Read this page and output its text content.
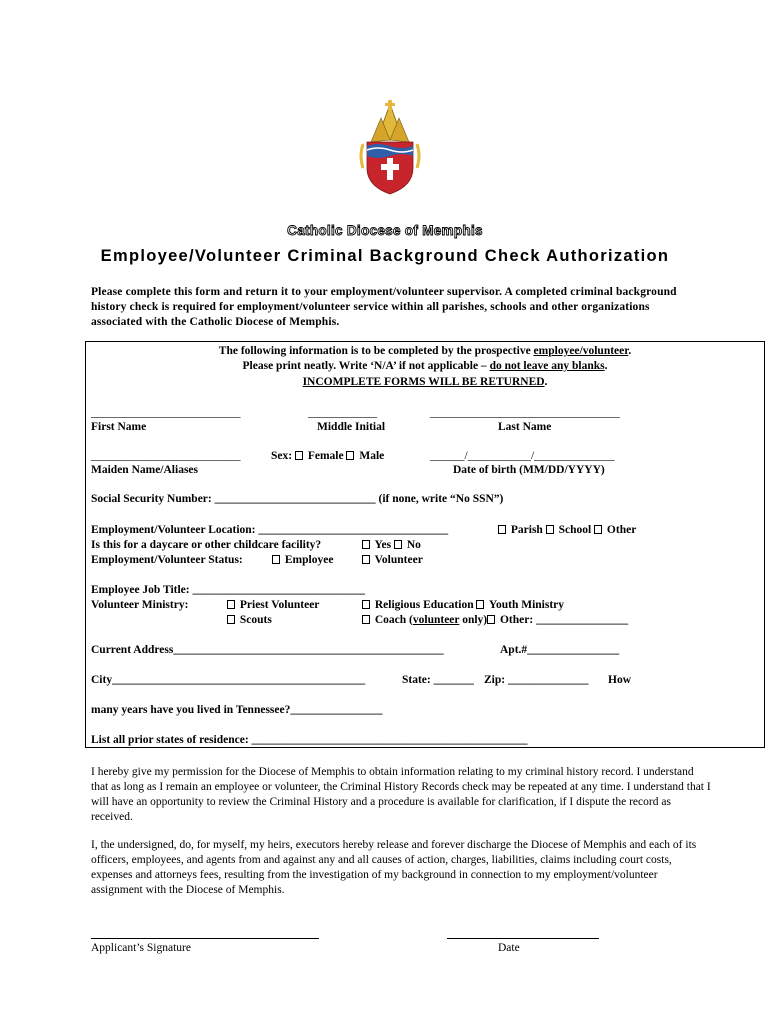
Catholic Diocese of Memphis
Employee/Volunteer Criminal Background Check Authorization
Please complete this form and return it to your employment/volunteer supervisor. A completed criminal background history check is required for employment/volunteer service within all parishes, schools and other organizations associated with the Catholic Diocese of Memphis.
The following information is to be completed by the prospective employee/volunteer.
Please print neatly. Write ‘N/A’ if not applicable – do not leave any blanks.
INCOMPLETE FORMS WILL BE RETURNED.
__________________________	____________	_________________________________
First Name	Middle Initial	Last Name
__________________________	Sex:  Female  Male	______/___________/______________
Maiden Name/Aliases	Date of birth (MM/DD/YYYY)
Social Security Number: ____________________________ (if none, write “No SSN”)
Employment/Volunteer Location: _________________________________	Parish  School  Other
Is this for a daycare or other childcare facility?	Yes  No
Employment/Volunteer Status:	Employee	Volunteer
Employee Job Title: ______________________________
Volunteer Ministry:	Priest Volunteer	Religious Education  Youth Ministry
Scouts	Coach (volunteer only) Other: ________________
Current Address_______________________________________________	Apt.#________________
City____________________________________________	State: _______ Zip: ______________ How
many years have you lived in Tennessee?________________
List all prior states of residence: ________________________________________________
I hereby give my permission for the Diocese of Memphis to obtain information relating to my criminal history record. I understand that as long as I remain an employee or volunteer, the Criminal History Records check may be repeated at any time. I understand that I will have an opportunity to review the Criminal History and a procedure is available for clarification, if I dispute the record as received.
I, the undersigned, do, for myself, my heirs, executors hereby release and forever discharge the Diocese of Memphis and each of its officers, employees, and agents from and against any and all causes of action, charges, liabilities, claims including court costs, expenses and attorneys fees, resulting from the investigation of my background in connection to my employment/volunteer assignment with the Diocese of Memphis.
Applicant’s Signature	Date
